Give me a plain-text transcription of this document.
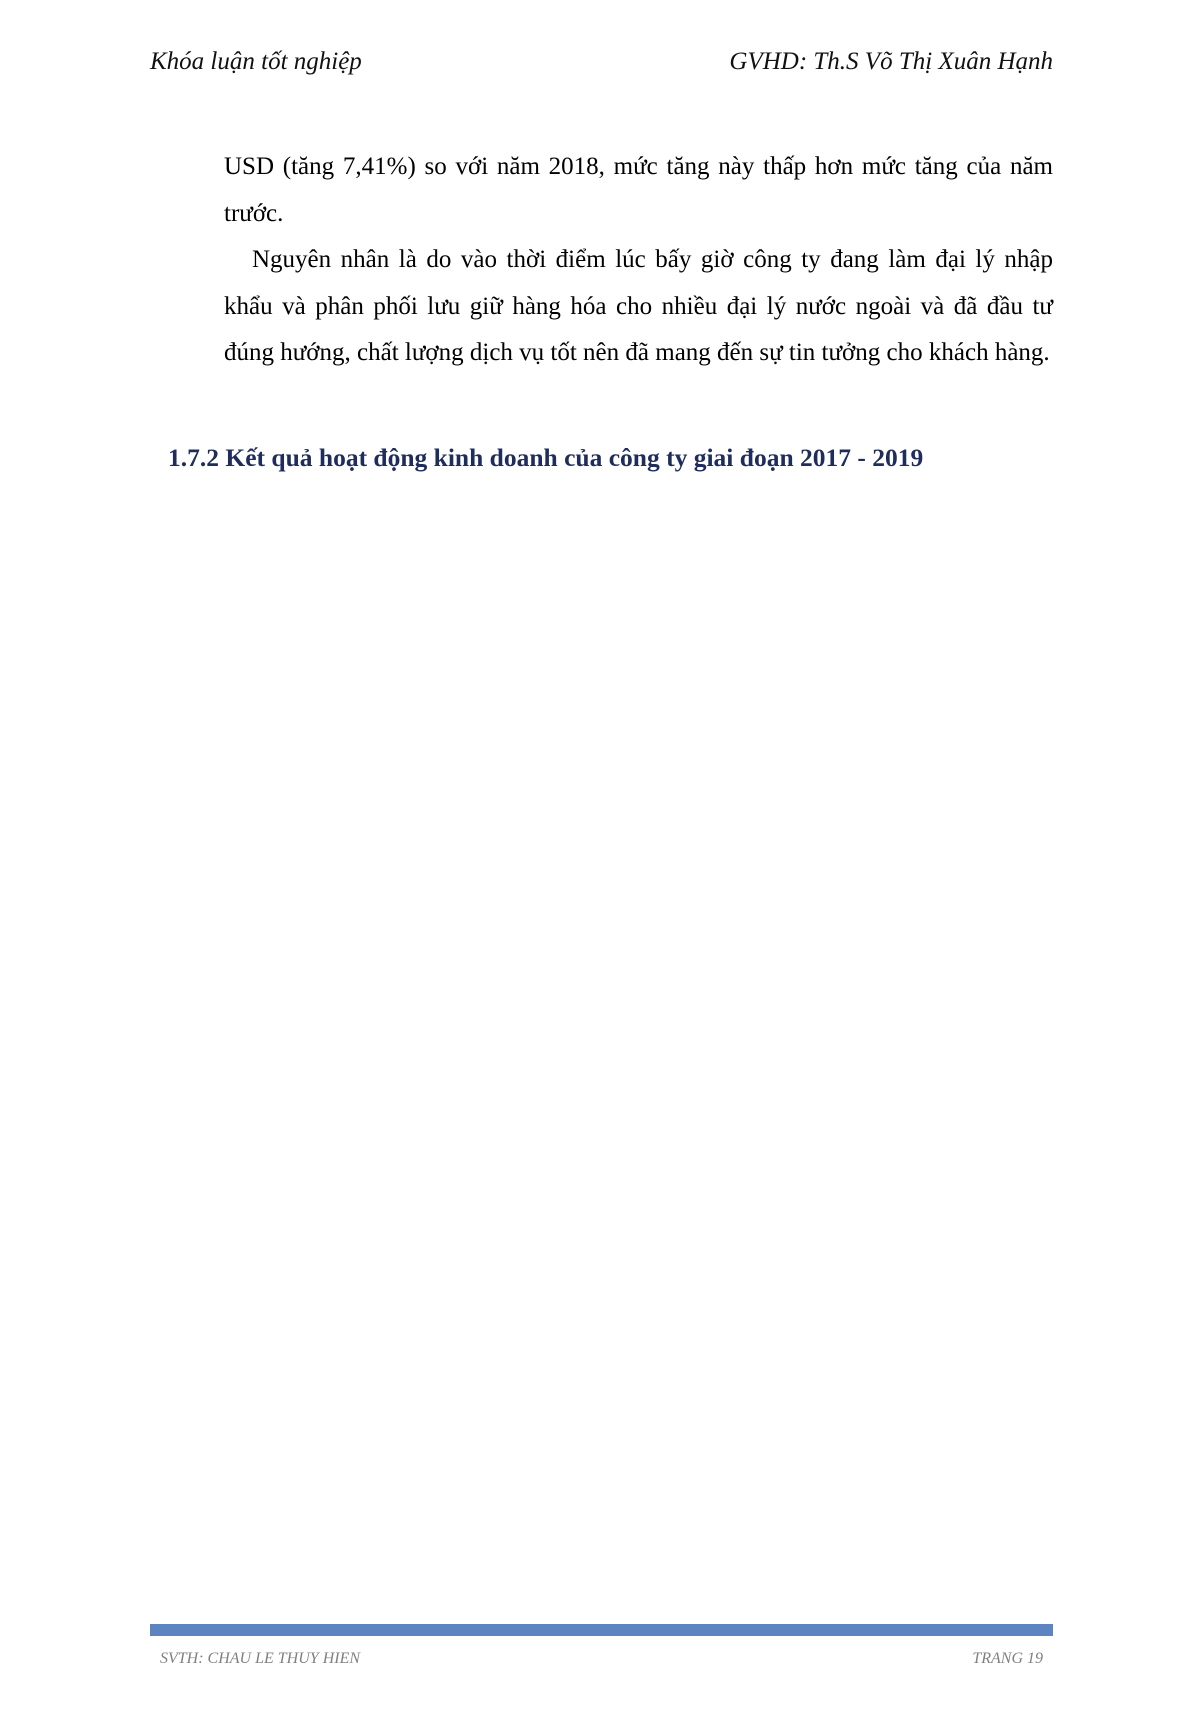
Khóa luận tốt nghiệp	GVHD: Th.S Võ Thị Xuân Hạnh

USD (tăng 7,41%) so với năm 2018, mức tăng này thấp hơn mức tăng của năm trước.

Nguyên nhân là do vào thời điểm lúc bấy giờ công ty đang làm đại lý nhập khẩu và phân phối lưu giữ hàng hóa cho nhiều đại lý nước ngoài và đã đầu tư đúng hướng, chất lượng dịch vụ tốt nên đã mang đến sự tin tưởng cho khách hàng.

1.7.2 Kết quả hoạt động kinh doanh của công ty giai đoạn 2017 - 2019
SVTH: CHAU LE THUY HIEN	TRANG 19
